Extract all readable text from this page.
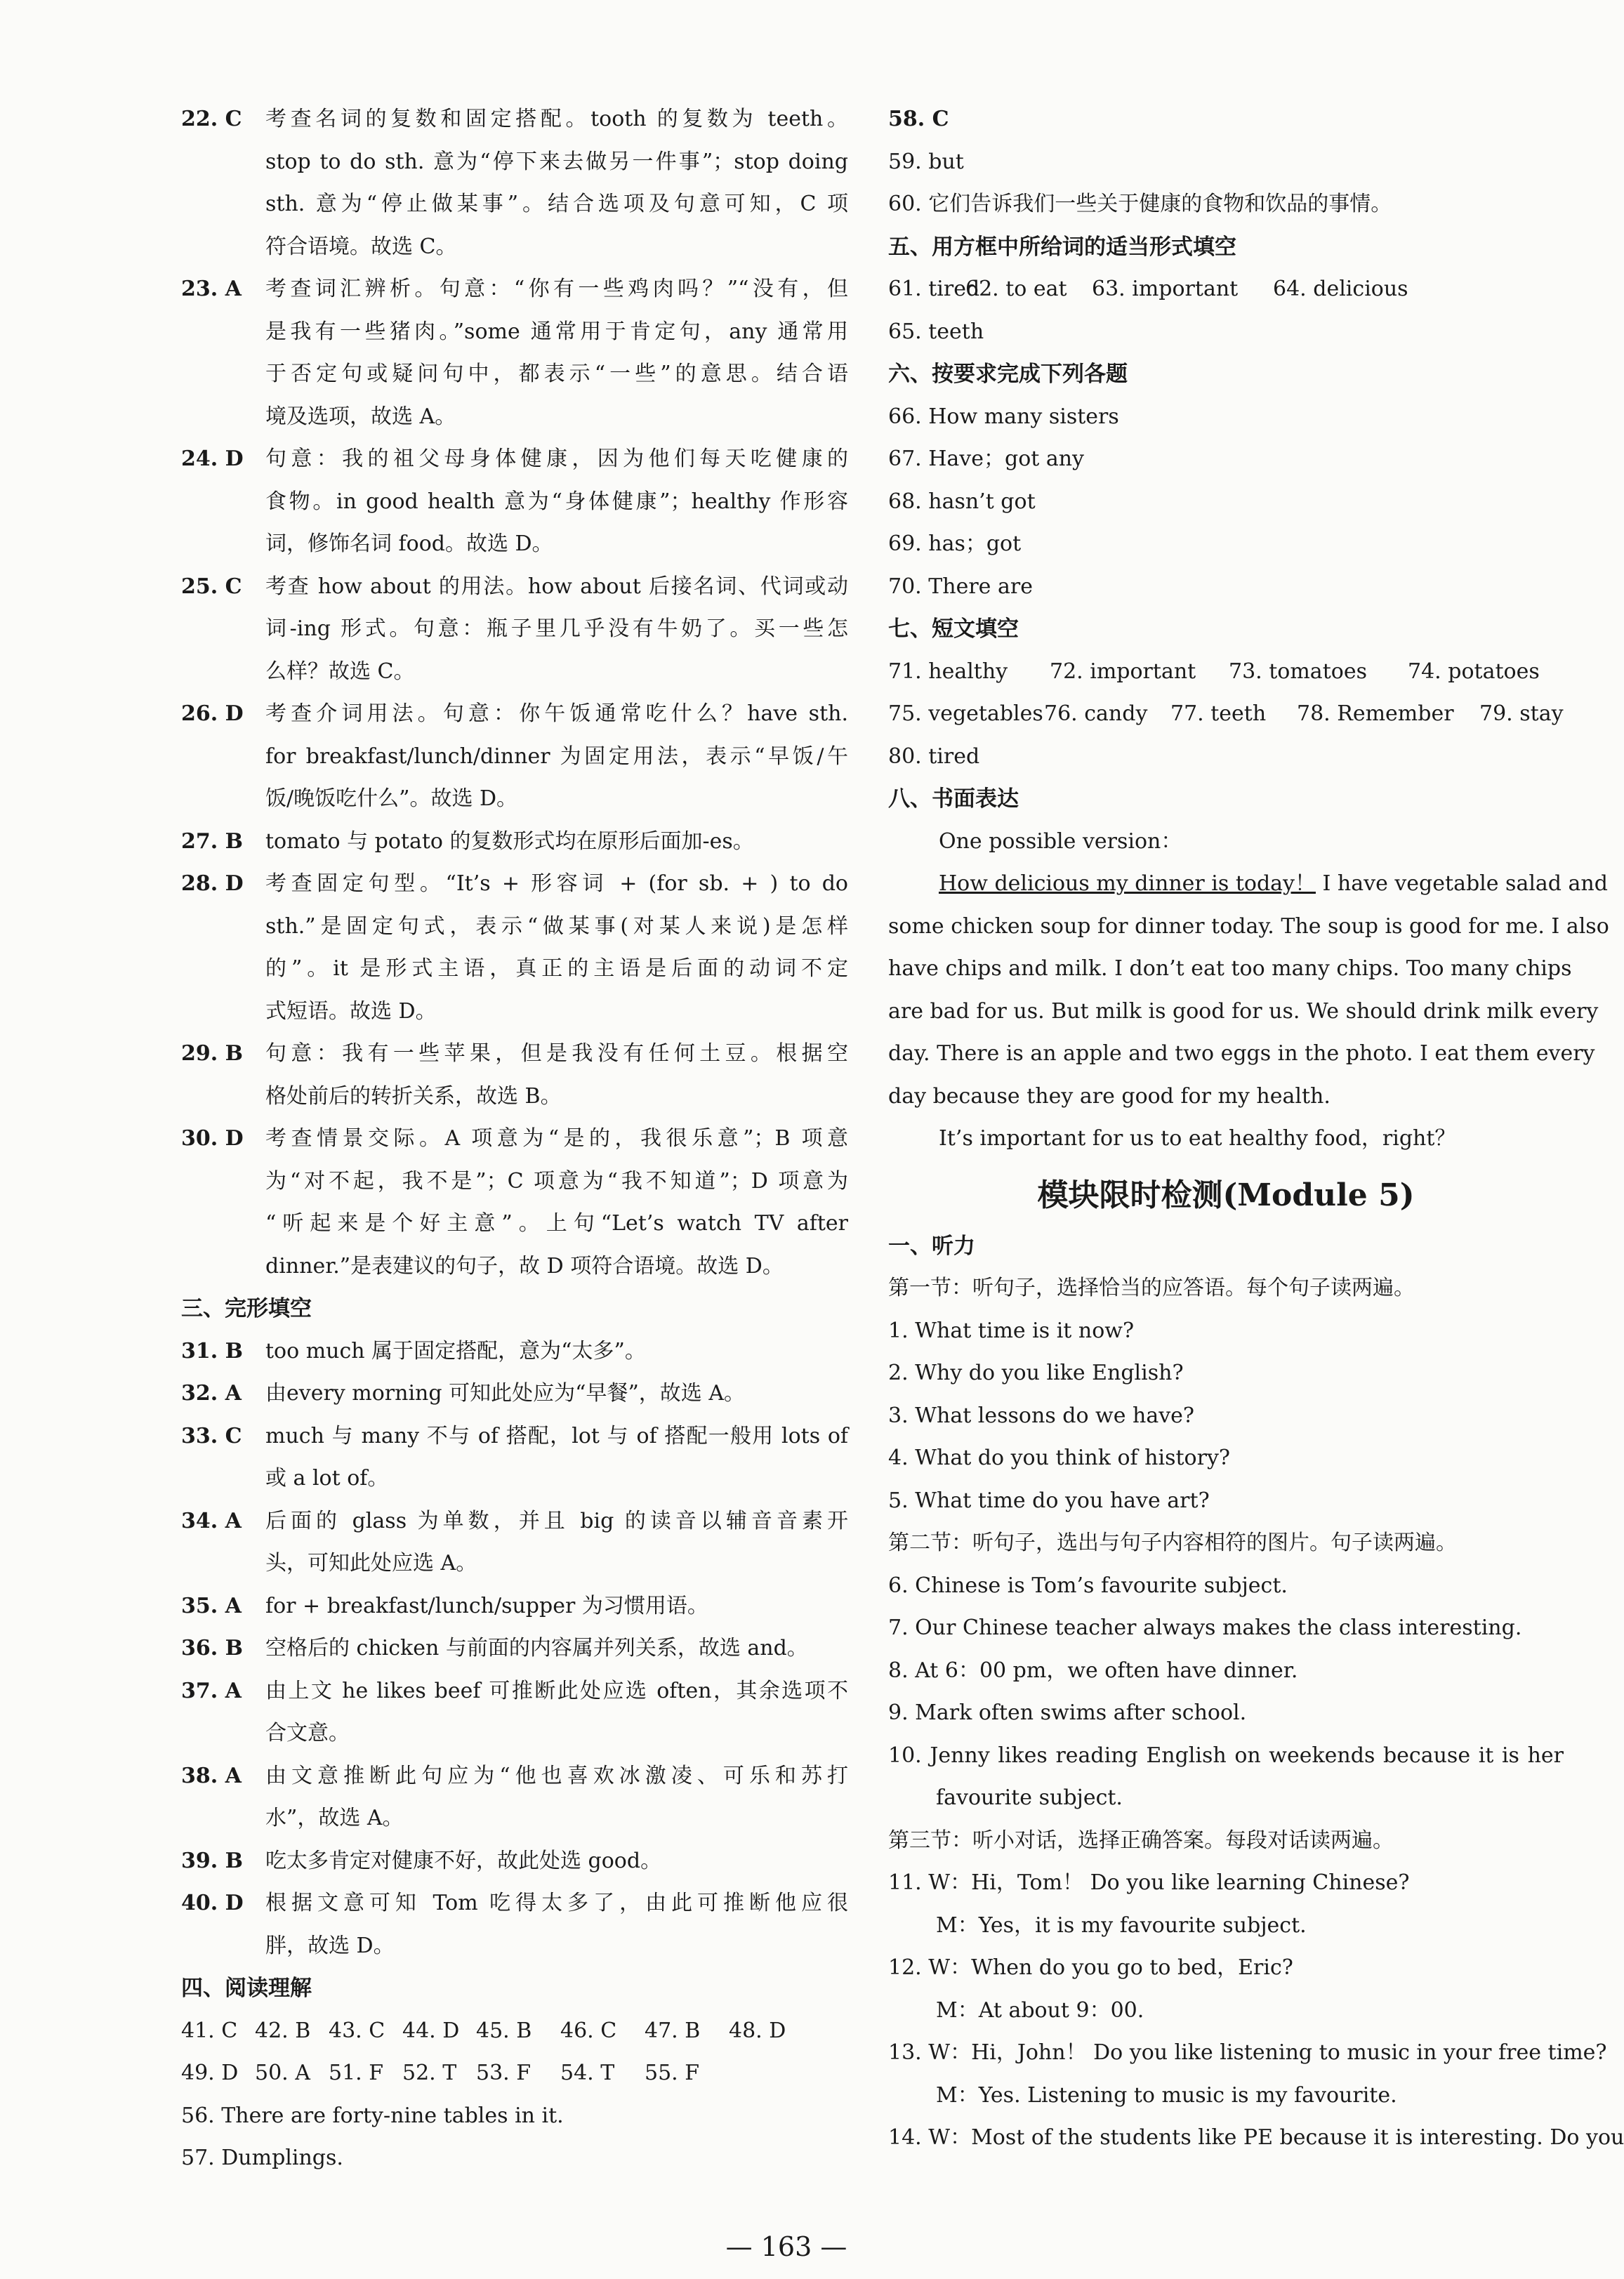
22. C 考查名词的复数和固定搭配。tooth 的复数为 teeth。
stop to do sth. 意为“停下来去做另一件事”；stop doing
sth. 意为“停止做某事”。结合选项及句意可知，C 项
符合语境。故选 C。
23. A 考查词汇辨析。句意：“你有一些鸡肉吗？”“没有，但
是我有一些猪肉。”some 通常用于肯定句，any 通常用
于否定句或疑问句中，都表示“一些”的意思。结合语
境及选项，故选 A。
24. D 句意：我的祖父母身体健康，因为他们每天吃健康的
食物。in good health 意为“身体健康”；healthy 作形容
词，修饰名词 food。故选 D。
25. C 考查 how about 的用法。how about 后接名词、代词或动
词-ing 形式。句意：瓶子里几乎没有牛奶了。买一些怎
么样？故选 C。
26. D 考查介词用法。句意：你午饭通常吃什么？have sth.
for breakfast/lunch/dinner 为固定用法，表示“早饭/午
饭/晚饭吃什么”。故选 D。
27. B tomato 与 potato 的复数形式均在原形后面加-es。
28. D 考查固定句型。“It’s + 形容词 + (for sb. + ) to do
sth.”是固定句式，表示“做某事(对某人来说)是怎样
的”。it 是形式主语，真正的主语是后面的动词不定
式短语。故选 D。
29. B 句意：我有一些苹果，但是我没有任何土豆。根据空
格处前后的转折关系，故选 B。
30. D 考查情景交际。A 项意为“是的，我很乐意”；B 项意
为“对不起，我不是”；C 项意为“我不知道”；D 项意为
“听起来是个好主意”。上句“Let’s watch TV after
dinner.”是表建议的句子，故 D 项符合语境。故选 D。
三、完形填空
31. B too much 属于固定搭配，意为“太多”。
32. A 由every morning 可知此处应为“早餐”，故选 A。
33. C much 与 many 不与 of 搭配，lot 与 of 搭配一般用 lots of
或 a lot of。
34. A 后面的 glass 为单数，并且 big 的读音以辅音音素开
头，可知此处应选 A。
35. A for + breakfast/lunch/supper 为习惯用语。
36. B 空格后的 chicken 与前面的内容属并列关系，故选 and。
37. A 由上文 he likes beef 可推断此处应选 often，其余选项不
合文意。
38. A 由文意推断此句应为“他也喜欢冰激凌、可乐和苏打
水”，故选 A。
39. B 吃太多肯定对健康不好，故此处选 good。
40. D 根据文意可知 Tom 吃得太多了，由此可推断他应很
胖，故选 D。
四、阅读理解
41. C 42. B 43. C 44. D 45. B 46. C 47. B 48. D
49. D 50. A 51. F 52. T 53. F 54. T 55. F
56. There are forty-nine tables in it.
57. Dumplings.
58. C
59. but
60. 它们告诉我们一些关于健康的食物和饮品的事情。
五、用方框中所给词的适当形式填空
61. tired62. to eat 63. important 64. delicious
65. teeth
六、按要求完成下列各题
66. How many sisters
67. Have；got any
68. hasn’t got
69. has；got
70. There are
七、短文填空
71. healthy 72. important 73. tomatoes 74. potatoes
75. vegetables76. candy 77. teeth 78. Remember 79. stay
80. tired
八、书面表达
One possible version：
How delicious my dinner is today！ I have vegetable salad and
some chicken soup for dinner today. The soup is good for me. I also
have chips and milk. I don’t eat too many chips. Too many chips
are bad for us. But milk is good for us. We should drink milk every
day. There is an apple and two eggs in the photo. I eat them every
day because they are good for my health.
It’s important for us to eat healthy food，right？
模块限时检测(Module 5)
一、听力
第一节：听句子，选择恰当的应答语。每个句子读两遍。
1. What time is it now?
2. Why do you like English?
3. What lessons do we have?
4. What do you think of history?
5. What time do you have art?
第二节：听句子，选出与句子内容相符的图片。句子读两遍。
6. Chinese is Tom’s favourite subject.
7. Our Chinese teacher always makes the class interesting.
8. At 6：00 pm，we often have dinner.
9. Mark often swims after school.
10. Jenny likes reading English on weekends because it is her
favourite subject.
第三节：听小对话，选择正确答案。每段对话读两遍。
11. W：Hi，Tom！ Do you like learning Chinese?
M：Yes，it is my favourite subject.
12. W：When do you go to bed，Eric?
M：At about 9：00.
13. W：Hi，John！ Do you like listening to music in your free time?
M：Yes. Listening to music is my favourite.
14. W：Most of the students like PE because it is interesting. Do you
— 163 —
